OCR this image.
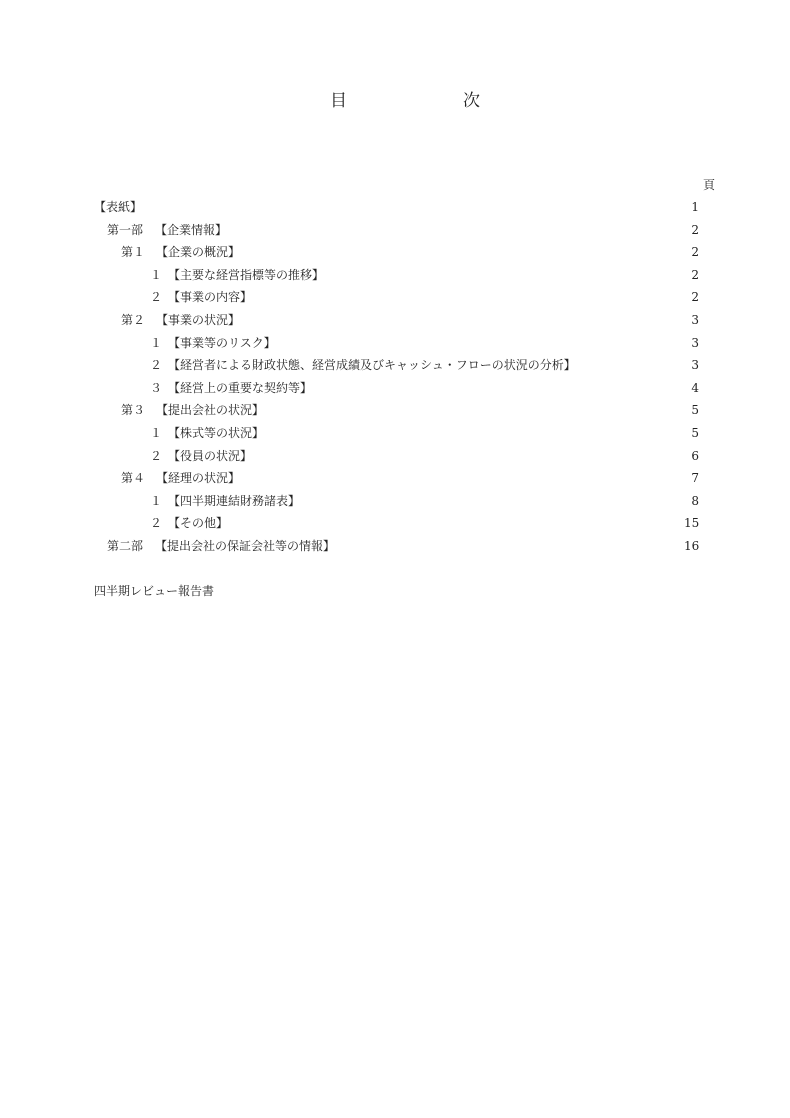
目	次
頁
【表紙】	1
第一部 【企業情報】	2
第１ 【企業の概況】	2
１ 【主要な経営指標等の推移】	2
２ 【事業の内容】	2
第２ 【事業の状況】	3
１ 【事業等のリスク】	3
２ 【経営者による財政状態、経営成績及びキャッシュ・フローの状況の分析】	3
３ 【経営上の重要な契約等】	4
第３ 【提出会社の状況】	5
１ 【株式等の状況】	5
２ 【役員の状況】	6
第４ 【経理の状況】	7
１ 【四半期連結財務諸表】	8
２ 【その他】	15
第二部 【提出会社の保証会社等の情報】	16
四半期レビュー報告書
